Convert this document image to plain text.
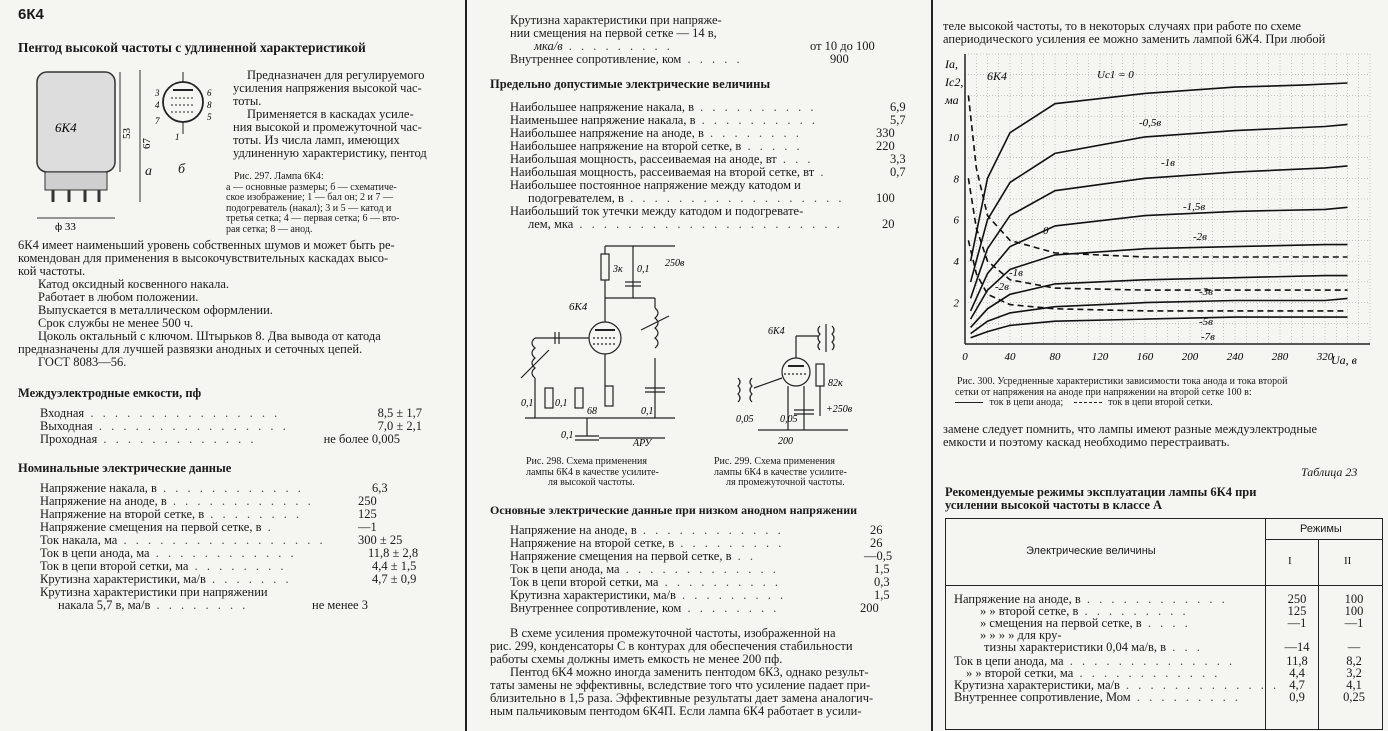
6К4
Пентод высокой частоты с удлиненной характеристикой
6К4	53
67
ф 33
3
4
5
6
7
8
1
а б
Предназначен для регулируемого
усиления напряжения высокой час-
тоты.
Применяется в каскадах усиле-
ния высокой и промежуточной час-
тоты. Из числа ламп, имеющих
удлиненную характеристику, пентод
Рис. 297. Лампа 6К4:
а — основные размеры; б — схематиче-
ское изображение; 1 — бал он; 2 и 7 —
подогреватель (накал); 3 и 5 — катод и
третья сетка; 4 — первая сетка; 6 — вто-
рая сетка; 8 — анод.
6К4 имеет наименьший уровень собственных шумов и может быть ре-
комендован для применения в высокочувствительных каскадах высо-
кой частоты.
Катод оксидный косвенного накала.
Работает в любом положении.
Выпускается в металлическом оформлении.
Срок службы не менее 500 ч.
Цоколь октальный с ключом. Штырьков 8. Два вывода от катода
предназначены для лучшей развязки анодных и сеточных цепей.
ГОСТ 8083—56.
Междуэлектродные емкости, пф
Входная . . . . . . . . . . . . . . . .	8,5 ± 1,7
Выходная . . . . . . . . . . . . . . . .	7,0 ± 2,1
Проходная . . . . . . . . . . . . .	не более 0,005
Номинальные электрические данные
Напряжение накала, в . . . . . . . . . . . .	6,3
Напряжение на аноде, в . . . . . . . . . . . .	250
Напряжение на второй сетке, в . . . . . . . .	125
Напряжение смещения на первой сетке, в .	—1
Ток накала, ма . . . . . . . . . . . . . . . . .	300 ± 25
Ток в цепи анода, ма . . . . . . . . . . . .	11,8 ± 2,8
Ток в цепи второй сетки, ма . . . . . . . .	4,4 ± 1,5
Крутизна характеристики, ма/в . . . . . . .	4,7 ± 0,9
Крутизна характеристики при напряжении
накала 5,7 в, ма/в . . . . . . . .	не менее 3
Крутизна характеристики при напряже-
нии смещения на первой сетке — 14 в,
мка/в . . . . . . . . .	от 10 до 100
Внутреннее сопротивление, ком . . . . .	900
Предельно допустимые электрические величины
Наибольшее напряжение накала, в . . . . . . . . . .	6,9
Наименьшее напряжение накала, в . . . . . . . . . .	5,7
Наибольшее напряжение на аноде, в . . . . . . . .	330
Наибольшее напряжение на второй сетке, в . . . . .	220
Наибольшая мощность, рассеиваемая на аноде, вт . . .	3,3
Наибольшая мощность, рассеиваемая на второй сетке, вт .	0,7
Наибольшее постоянное напряжение между катодом и
подогревателем, в . . . . . . . . . . . . . . . . . .	100
Наибольший ток утечки между катодом и подогревате-
лем, мка . . . . . . . . . . . . . . . . . . . . . .	20
6К4
3к 0,1
250в
0,1 0,1
68	0,1
0,1
АРУ
6К4
82к
+250в
0,05	0,05
200
Рис. 298. Схема применения
лампы 6К4 в качестве усилите-
ля высокой частоты.
Рис. 299. Схема применения
лампы 6К4 в качестве усилите-
ля промежуточной частоты.
Основные электрические данные при низком анодном напряжении
Напряжение на аноде, в . . . . . . . . . . . .	26
Напряжение на второй сетке, в . . . . . . . . .	26
Напряжение смещения на первой сетке, в . .	—0,5
Ток в цепи анода, ма . . . . . . . . . . . . .	1,5
Ток в цепи второй сетки, ма . . . . . . . . . .	0,3
Крутизна характеристики, ма/в . . . . . . . . .	1,5
Внутреннее сопротивление, ком . . . . . . . .	200
В схеме усиления промежуточной частоты, изображенной на
рис. 299, конденсаторы С в контурах для обеспечения стабильности
работы схемы должны иметь емкость не менее 200 пф.
Пентод 6К4 можно иногда заменить пентодом 6К3, однако результ-
таты замены не эффективны, вследствие того что усиление падает при-
близительно в 1,5 раза. Эффективные результаты дает замена аналогич-
ным пальчиковым пентодом 6К4П. Если лампа 6К4 работает в усили-
теле высокой частоты, то в некоторых случаях при работе по схеме
апериодического усиления ее можно заменить лампой 6Ж4. При любой
0	40	80	120	160	200	240	280	320
2
4
6
8
10
6К4
Iа,
Iс2,
ма
Uа, в
Uс1 = 0
-0,5в
-1в
-1,5в
0	-2в
-1в
-2в	-3в
-5в
-7в
Рис. 300. Усредненные характеристики зависимости тока анода и тока второй
сетки от напряжения на аноде при напряжении на второй сетке 100 в:
ток в цепи анода;	ток в цепи второй сетки.
замене следует помнить, что лампы имеют разные междуэлектродные
емкости и поэтому каскад необходимо перестраивать.
Таблица 23
Рекомендуемые режимы эксплуатации лампы 6К4 при
усилении высокой частоты в классе А
Электрические величины
Режимы
I	II
Напряжение на аноде, в . . . . . . . . . . . .	250	100
» » второй сетке, в . . . . . . . . .	125	100
» смещения на первой сетке, в . . . .	—1	—1
» » » » для кру-
тизны характеристики 0,04 ма/в, в . . .	—14	—
Ток в цепи анода, ма . . . . . . . . . . . . . .	11,8	8,2
» » второй сетки, ма . . . . . . . . . . . .	4,4	3,2
Крутизна характеристики, ма/в . . . . . . . . . . . . . 4,7	4,1
Внутреннее сопротивление, Мом . . . . . . . . .	0,9	0,25
